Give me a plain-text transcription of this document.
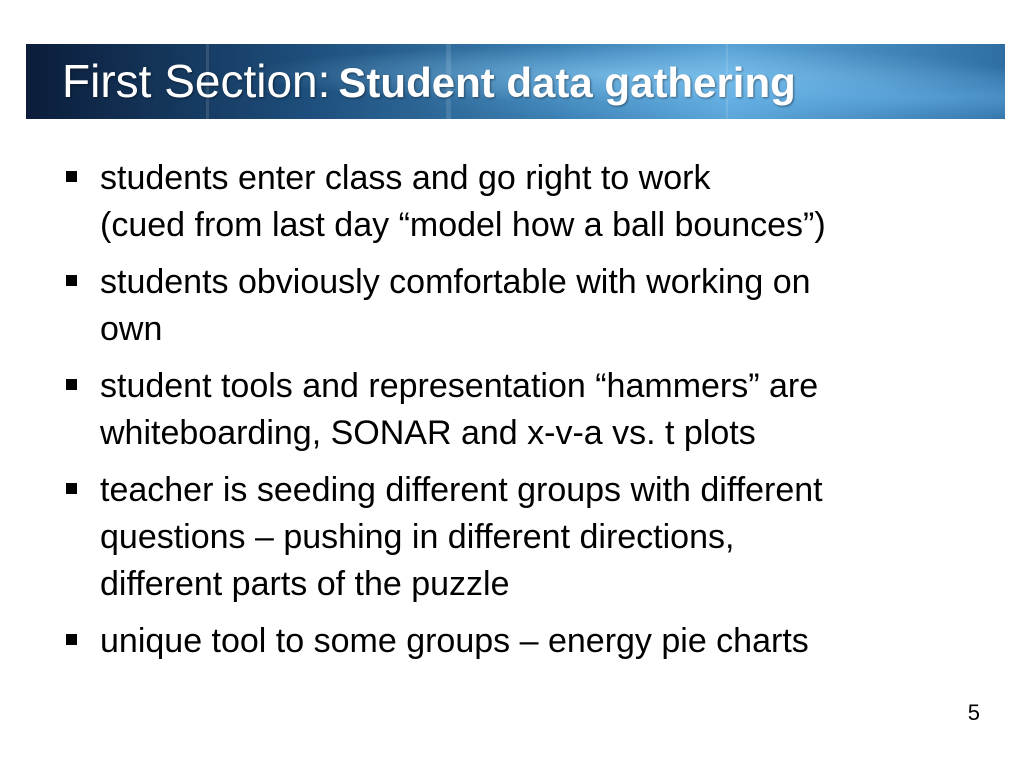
First Section: Student data gathering
students enter class and go right to work
(cued from last day “model how a ball bounces”)
students obviously comfortable with working on
own
student tools and representation “hammers” are
whiteboarding, SONAR and x-v-a vs. t plots
teacher is seeding different groups with different
questions – pushing in different directions,
different parts of the puzzle
unique tool to some groups – energy pie charts
5
